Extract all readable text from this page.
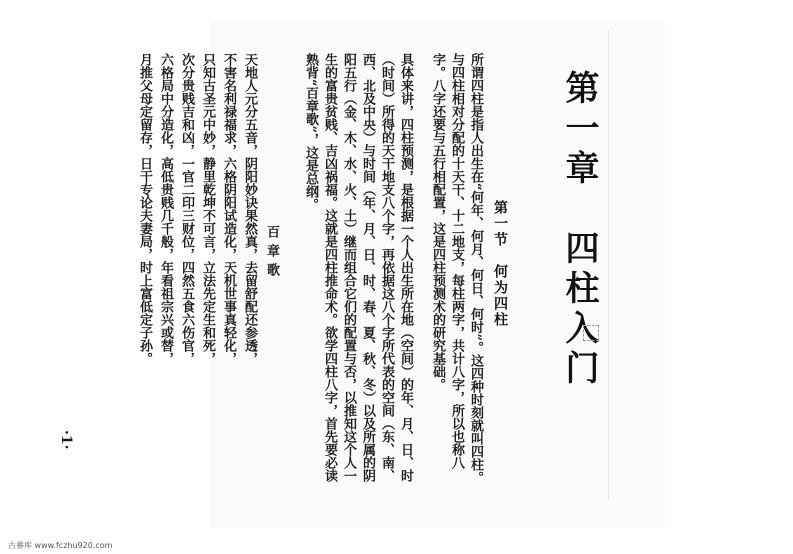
第一章　四柱入门
第一节　何为四柱
所谓四柱是指人出生在“何年、何月、何日、何时”。这四种时刻就叫四柱。与四柱相对分配的十天干、十二地支，每柱两字，共计八字，所以也称八字。八字还要与五行相配置，这是四柱预测术的研究基础。
具体来讲，四柱预测，是根据一个人出生所在地（空间）的年、月、日、时（时间）所得的天干地支八个字，再依据这八个字所代表的空间（东、南、西、北及中央）与时间（年、月、日、时、春、夏、秋、冬）以及所属的阴阳五行（金、木、水、火、土）继而组合它们的配置与否，以推知这个人一生的富贵贫贱、吉凶祸福。这就是四柱推命术。欲学四柱八字，首先要必读熟背“百章歌”，这是总纲。
百章歌
天地人元分五音，阴阳妙诀果然真，去留舒配还参透，
不害名利禄福求，六格阴阳试造化，天机世事真轻化，
只知古圣元中妙，静里乾坤不可言，立法先定生和死，
次分贵贱吉和凶，一官二印三财位，四然五食六伤官，
六格局中分造化，高低贵贱几千般，年看祖宗兴或替，
月推父母定留存，日干专论夫妻局，时上富低定子孙。
·1·
古番库 www.fczhu920.com
